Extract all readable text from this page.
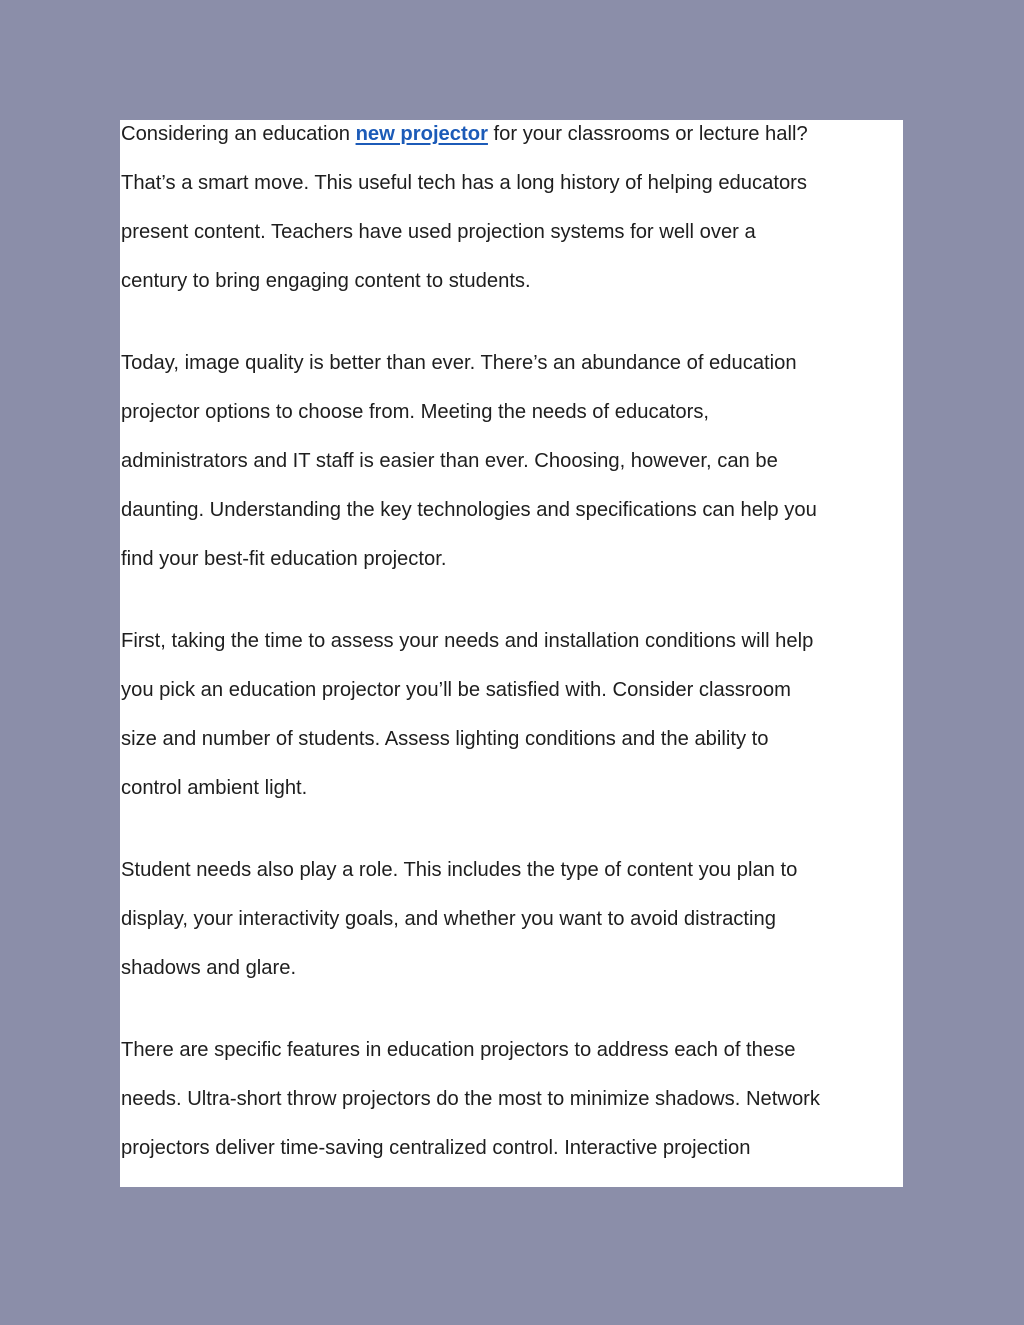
Considering an education new projector for your classrooms or lecture hall?
That’s a smart move. This useful tech has a long history of helping educators
present content. Teachers have used projection systems for well over a
century to bring engaging content to students.

Today, image quality is better than ever. There’s an abundance of education
projector options to choose from. Meeting the needs of educators,
administrators and IT staff is easier than ever. Choosing, however, can be
daunting. Understanding the key technologies and specifications can help you
find your best-fit education projector.

First, taking the time to assess your needs and installation conditions will help
you pick an education projector you’ll be satisfied with. Consider classroom
size and number of students. Assess lighting conditions and the ability to
control ambient light.

Student needs also play a role. This includes the type of content you plan to
display, your interactivity goals, and whether you want to avoid distracting
shadows and glare.

There are specific features in education projectors to address each of these
needs. Ultra-short throw projectors do the most to minimize shadows. Network
projectors deliver time-saving centralized control. Interactive projection
